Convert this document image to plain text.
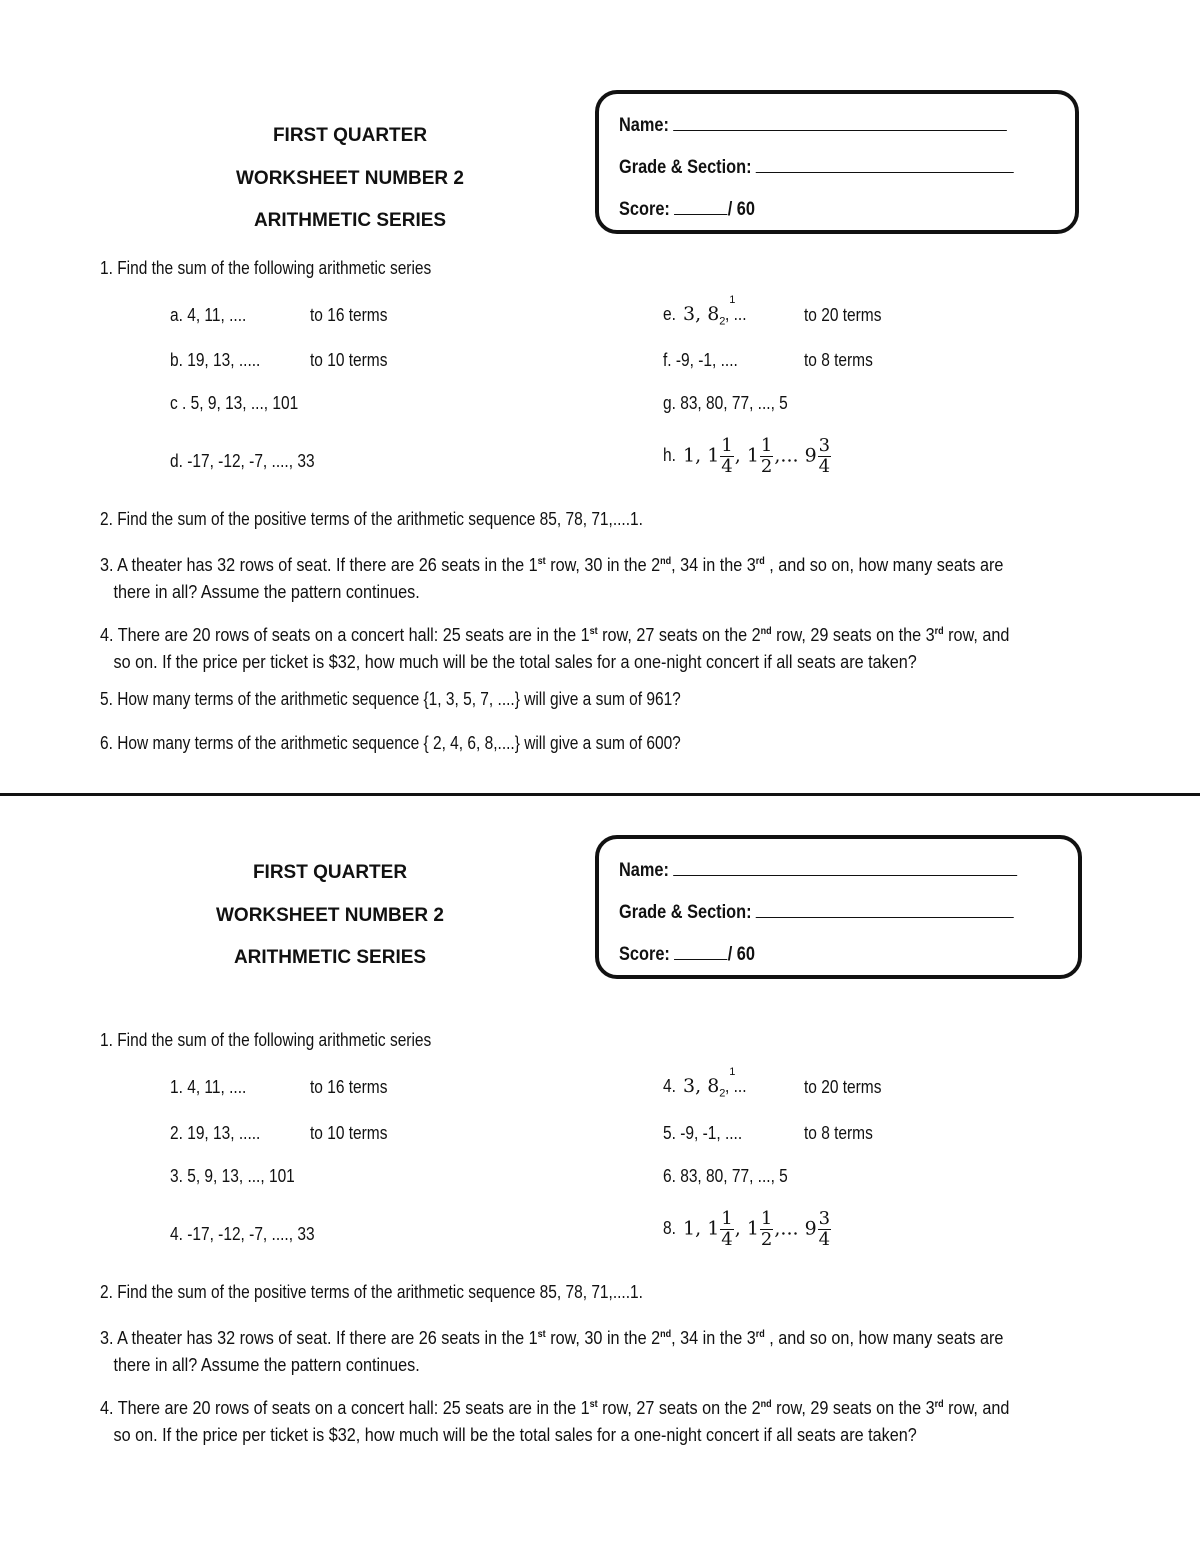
FIRST QUARTER
WORKSHEET NUMBER 2
ARITHMETIC SERIES
Name:
Grade & Section:
Score:	/ 60
1. Find the sum of the following arithmetic series
a. 4, 11, ....	to 16 terms
b. 19, 13, .....	to 10 terms
c . 5, 9, 13, ..., 101
d. -17, -12, -7, ...., 33
e. 3, 8
1
$_2$, ...	to 20 terms
f. -9, -1, ....	to 8 terms
g. 83, 80, 77, ..., 5
h. 1, $1 \frac{1}{4}$ , $1 \frac{1}{2}$ ,... $9 \frac{3}{4}$
2. Find the sum of the positive terms of the arithmetic sequence 85, 78, 71,....1.
3. A theater has 32 rows of seat. If there are 26 seats in the 1st row, 30 in the 2nd, 34 in the 3rd , and so on, how many seats are
there in all? Assume the pattern continues.
4. There are 20 rows of seats on a concert hall: 25 seats are in the 1st row, 27 seats on the 2nd row, 29 seats on the 3rd row, and
so on. If the price per ticket is $32, how much will be the total sales for a one-night concert if all seats are taken?
5. How many terms of the arithmetic sequence {1, 3, 5, 7, ....} will give a sum of 961?
6. How many terms of the arithmetic sequence { 2, 4, 6, 8,....} will give a sum of 600?
FIRST QUARTER
WORKSHEET NUMBER 2
ARITHMETIC SERIES
Name:
Grade & Section:
Score:	/ 60
1. Find the sum of the following arithmetic series
1. 4, 11, ....	to 16 terms
2. 19, 13, .....	to 10 terms
3. 5, 9, 13, ..., 101
4. -17, -12, -7, ...., 33
4. 3, 8
1
$_2$, ...	to 20 terms
5. -9, -1, ....	to 8 terms
6. 83, 80, 77, ..., 5
8. 1, $1 \frac{1}{4}$ , $1 \frac{1}{2}$ ,... $9 \frac{3}{4}$
2. Find the sum of the positive terms of the arithmetic sequence 85, 78, 71,....1.
3. A theater has 32 rows of seat. If there are 26 seats in the 1st row, 30 in the 2nd, 34 in the 3rd , and so on, how many seats are
there in all? Assume the pattern continues.
4. There are 20 rows of seats on a concert hall: 25 seats are in the 1st row, 27 seats on the 2nd row, 29 seats on the 3rd row, and
so on. If the price per ticket is $32, how much will be the total sales for a one-night concert if all seats are taken?
